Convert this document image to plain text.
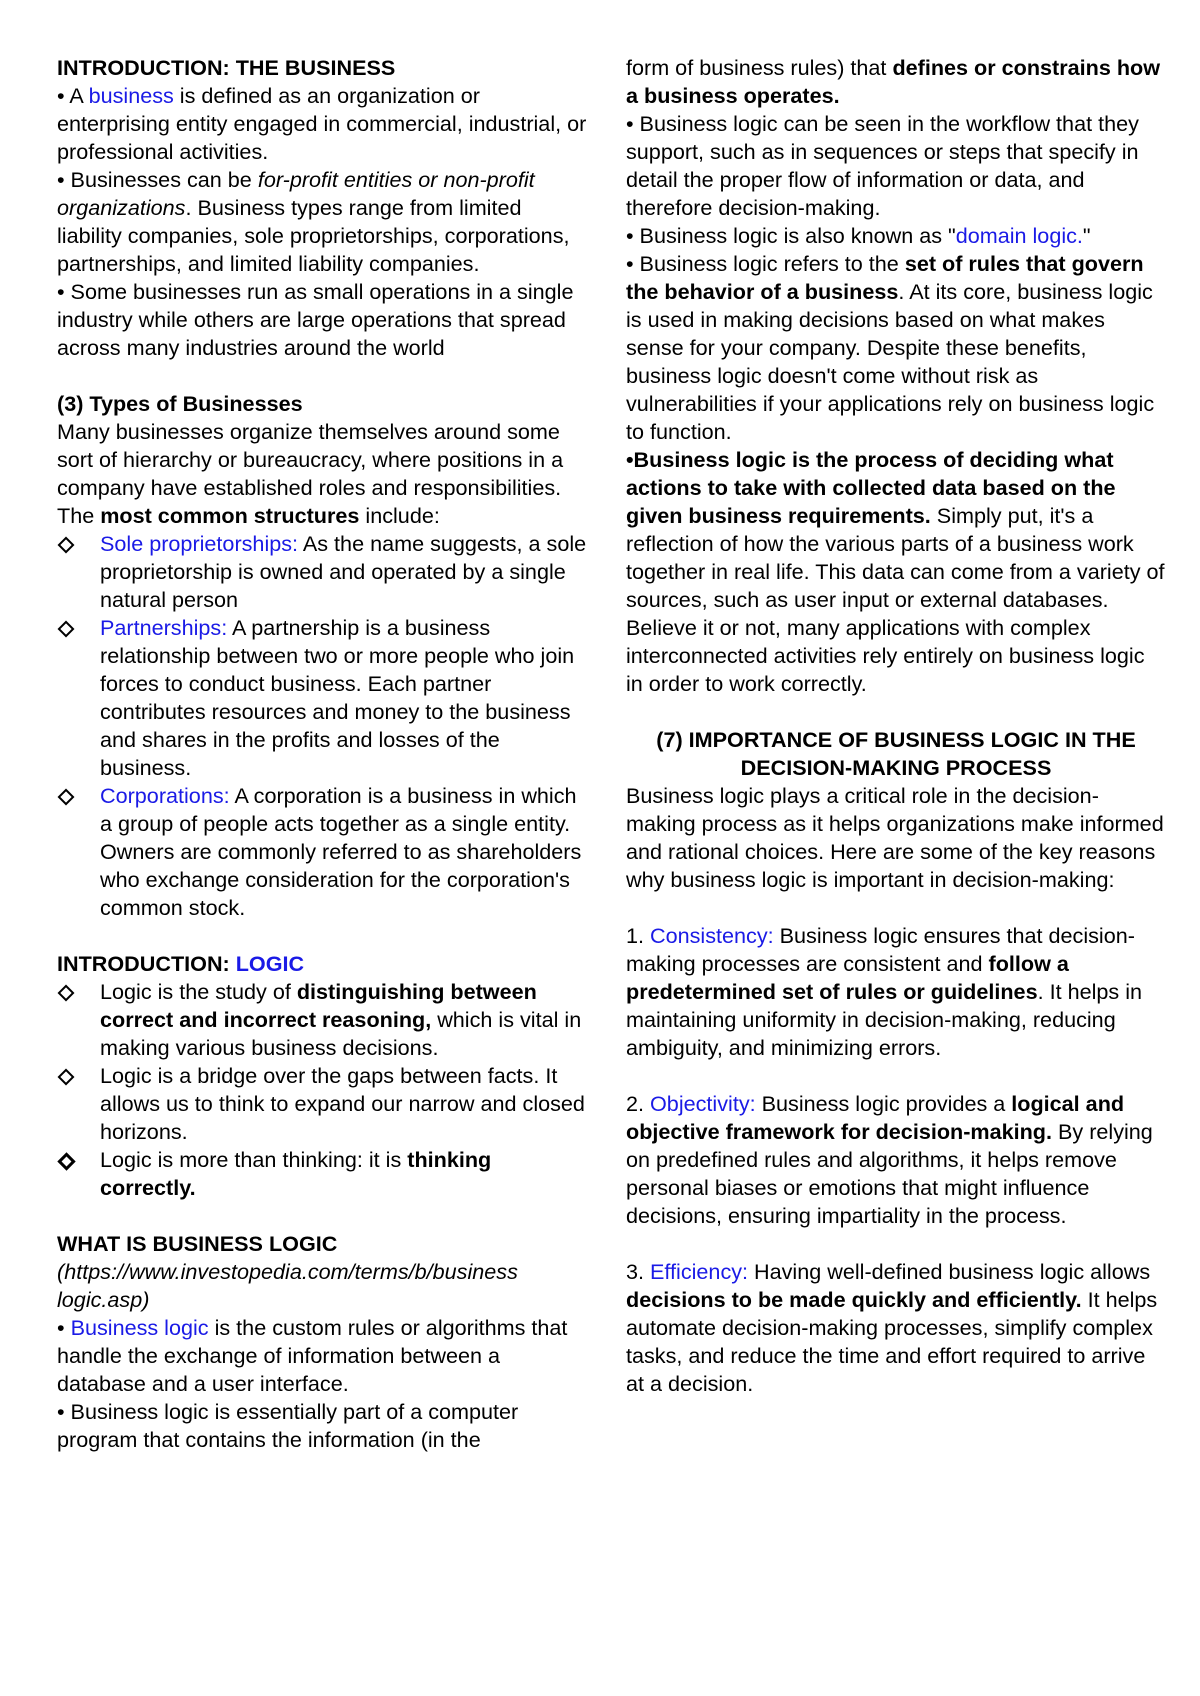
INTRODUCTION: THE BUSINESS

• A business is defined as an organization or enterprising entity engaged in commercial, industrial, or professional activities.

• Businesses can be for-profit entities or non-profit organizations. Business types range from limited liability companies, sole proprietorships, corporations, partnerships, and limited liability companies.

• Some businesses run as small operations in a single industry while others are large operations that spread across many industries around the world

(3) Types of Businesses

Many businesses organize themselves around some sort of hierarchy or bureaucracy, where positions in a company have established roles and responsibilities. The most common structures include:

Sole proprietorships: As the name suggests, a sole proprietorship is owned and operated by a single natural person

Partnerships: A partnership is a business relationship between two or more people who join forces to conduct business. Each partner contributes resources and money to the business and shares in the profits and losses of the business.

Corporations: A corporation is a business in which a group of people acts together as a single entity. Owners are commonly referred to as shareholders who exchange consideration for the corporation's common stock.

INTRODUCTION: LOGIC

Logic is the study of distinguishing between correct and incorrect reasoning, which is vital in making various business decisions.

Logic is a bridge over the gaps between facts. It allows us to think to expand our narrow and closed horizons.

Logic is more than thinking: it is thinking correctly.

WHAT IS BUSINESS LOGIC

(https://www.investopedia.com/terms/b/business logic.asp)

• Business logic is the custom rules or algorithms that handle the exchange of information between a database and a user interface.

• Business logic is essentially part of a computer program that contains the information (in the

form of business rules) that defines or constrains how a business operates.

• Business logic can be seen in the workflow that they support, such as in sequences or steps that specify in detail the proper flow of information or data, and therefore decision-making.

• Business logic is also known as "domain logic."

• Business logic refers to the set of rules that govern the behavior of a business. At its core, business logic is used in making decisions based on what makes sense for your company. Despite these benefits, business logic doesn't come without risk as vulnerabilities if your applications rely on business logic to function.

•Business logic is the process of deciding what actions to take with collected data based on the given business requirements. Simply put, it's a reflection of how the various parts of a business work together in real life. This data can come from a variety of sources, such as user input or external databases. Believe it or not, many applications with complex interconnected activities rely entirely on business logic in order to work correctly.

(7) IMPORTANCE OF BUSINESS LOGIC IN THE DECISION-MAKING PROCESS

Business logic plays a critical role in the decision-making process as it helps organizations make informed and rational choices. Here are some of the key reasons why business logic is important in decision-making:

1. Consistency: Business logic ensures that decision-making processes are consistent and follow a predetermined set of rules or guidelines. It helps in maintaining uniformity in decision-making, reducing ambiguity, and minimizing errors.

2. Objectivity: Business logic provides a logical and objective framework for decision-making. By relying on predefined rules and algorithms, it helps remove personal biases or emotions that might influence decisions, ensuring impartiality in the process.

3. Efficiency: Having well-defined business logic allows decisions to be made quickly and efficiently. It helps automate decision-making processes, simplify complex tasks, and reduce the time and effort required to arrive at a decision.
